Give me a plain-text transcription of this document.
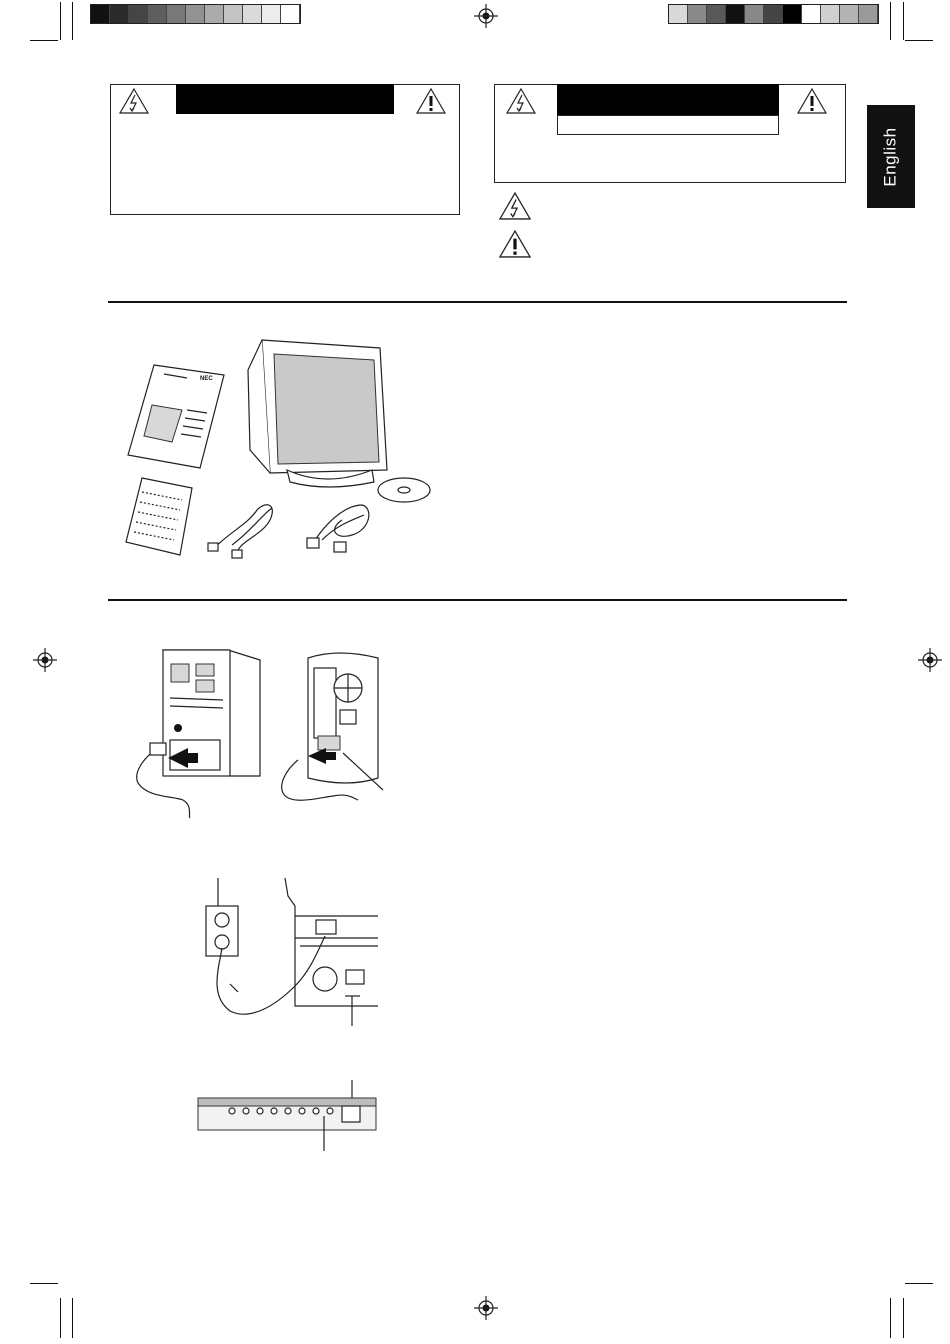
English
NEC
